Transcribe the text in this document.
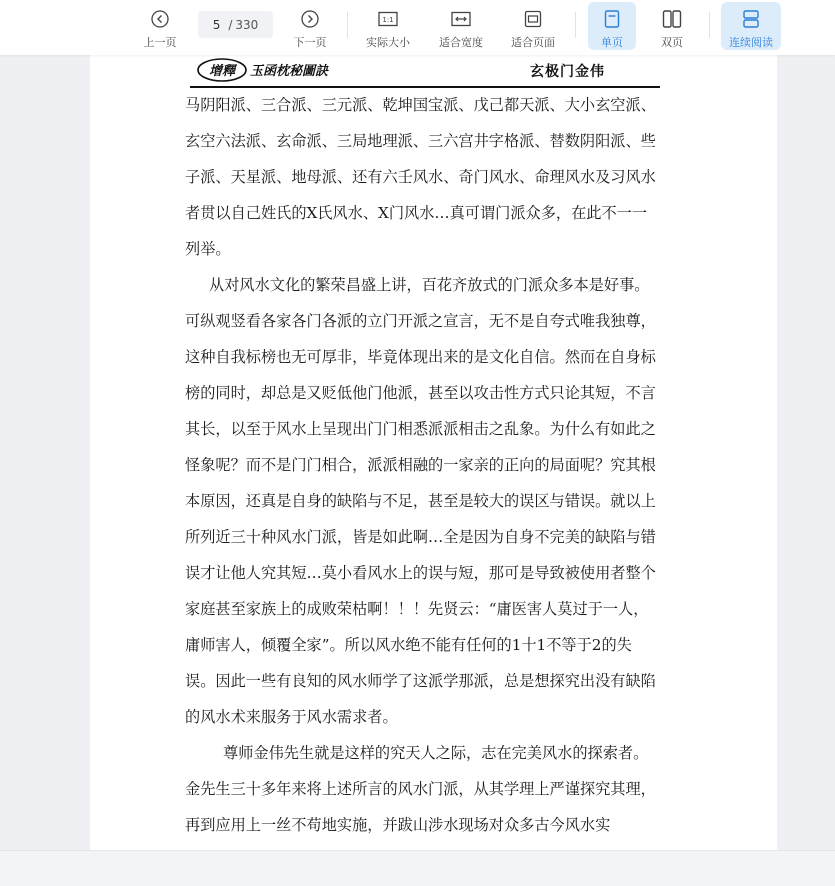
上一页
5 / 330
下一页
1:1
实际大小	适合宽度	适合页面	单页	双页	连续阅读
增釋 玉函枕秘圖訣	玄极门金伟

马阴阳派、三合派、三元派、乾坤国宝派、戊己都天派、大小玄空派、玄空六法派、玄命派、三局地理派、三六宫井字格派、替数阴阳派、些子派、天星派、地母派、还有六壬风水、奇门风水、命理风水及习风水者贯以自己姓氏的X氏风水、X门风水…真可谓门派众多，在此不一一列举。

从对风水文化的繁荣昌盛上讲，百花齐放式的门派众多本是好事。可纵观竖看各家各门各派的立门开派之宣言，无不是自夸式唯我独尊，这种自我标榜也无可厚非，毕竟体现出来的是文化自信。然而在自身标榜的同时，却总是又贬低他门他派，甚至以攻击性方式只论其短，不言其长，以至于风水上呈现出门门相悉派派相击之乱象。为什么有如此之怪象呢？而不是门门相合，派派相融的一家亲的正向的局面呢？究其根本原因，还真是自身的缺陷与不足，甚至是较大的误区与错误。就以上所列近三十种风水门派，皆是如此啊…全是因为自身不完美的缺陷与错误才让他人究其短…莫小看风水上的误与短，那可是导致被使用者整个家庭甚至家族上的成败荣枯啊！！！先贤云：“庸医害人莫过于一人，庸师害人，倾覆全家”。所以风水绝不能有任何的1十1不等于2的失误。因此一些有良知的风水师学了这派学那派，总是想探究出没有缺陷的风水术来服务于风水需求者。

尊师金伟先生就是这样的究天人之际，志在完美风水的探索者。金先生三十多年来将上述所言的风水门派，从其学理上严谨探究其理，再到应用上一丝不苟地实施，并跋山涉水现场对众多古今风水实
